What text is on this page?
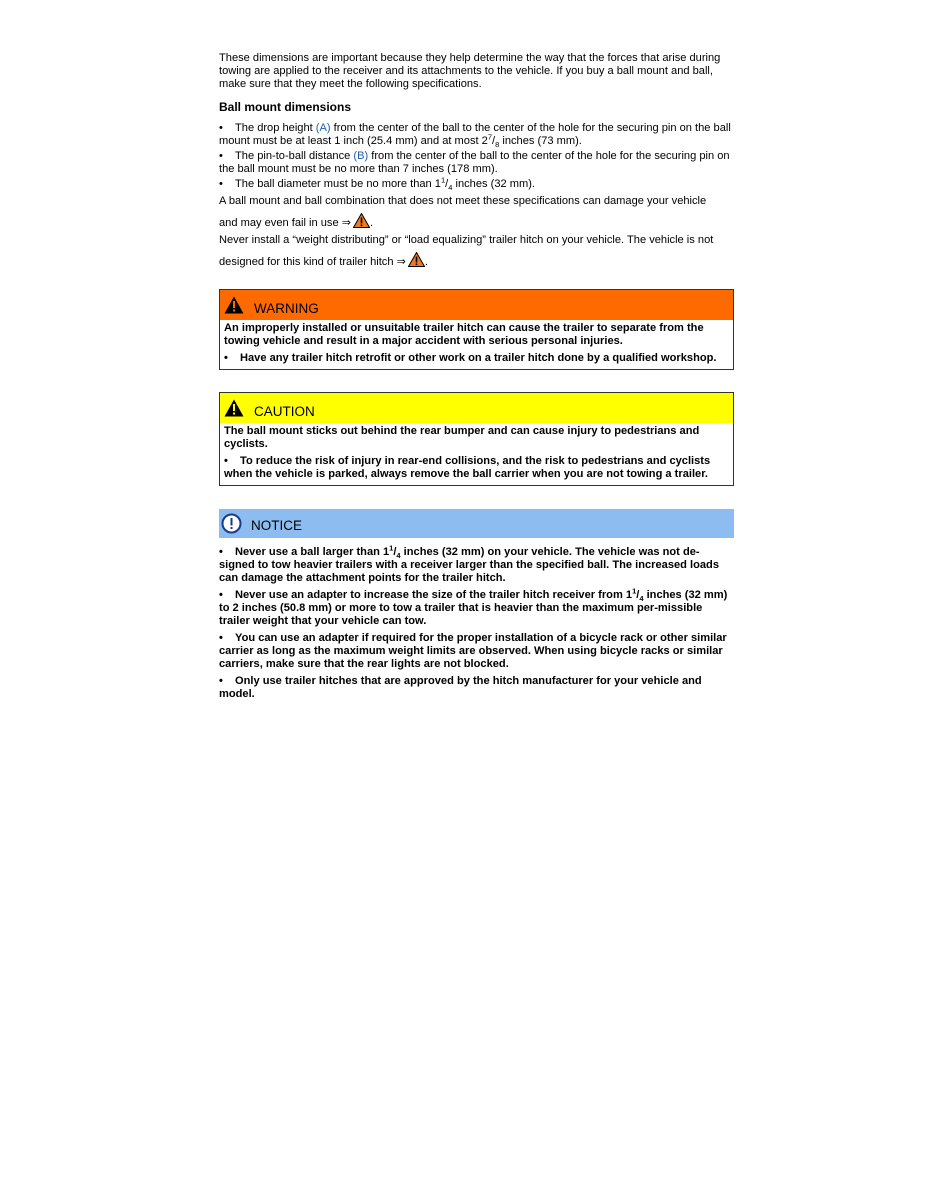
These dimensions are important because they help determine the way that the forces that arise during towing are applied to the receiver and its attachments to the vehicle. If you buy a ball mount and ball, make sure that they meet the following specifications.

Ball mount dimensions

• The drop height (A) from the center of the ball to the center of the hole for the securing pin on the ball mount must be at least 1 inch (25.4 mm) and at most $2^7/_8$ inches (73 mm).
• The pin-to-ball distance (B) from the center of the ball to the center of the hole for the securing pin on the ball mount must be no more than 7 inches (178 mm).
• The ball diameter must be no more than $1^1/_4$ inches (32 mm).
A ball mount and ball combination that does not meet these specifications can damage your vehicle
and may even fail in use ⇒ .
Never install a “weight distributing” or “load equalizing” trailer hitch on your vehicle. The vehicle is not
designed for this kind of trailer hitch ⇒ .
WARNING
An improperly installed or unsuitable trailer hitch can cause the trailer to separate from the towing vehicle and result in a major accident with serious personal injuries.
• Have any trailer hitch retrofit or other work on a trailer hitch done by a qualified workshop.
CAUTION
The ball mount sticks out behind the rear bumper and can cause injury to pedestrians and cyclists.
• To reduce the risk of injury in rear-end collisions, and the risk to pedestrians and cyclists when the vehicle is parked, always remove the ball carrier when you are not towing a trailer.
NOTICE
• Never use a ball larger than $1^1/_4$ inches (32 mm) on your vehicle. The vehicle was not de-signed to tow heavier trailers with a receiver larger than the specified ball. The increased loads can damage the attachment points for the trailer hitch.
• Never use an adapter to increase the size of the trailer hitch receiver from $1^1/_4$ inches (32 mm) to 2 inches (50.8 mm) or more to tow a trailer that is heavier than the maximum per-missible trailer weight that your vehicle can tow.
• You can use an adapter if required for the proper installation of a bicycle rack or other similar carrier as long as the maximum weight limits are observed. When using bicycle racks or similar carriers, make sure that the rear lights are not blocked.
• Only use trailer hitches that are approved by the hitch manufacturer for your vehicle and model.
